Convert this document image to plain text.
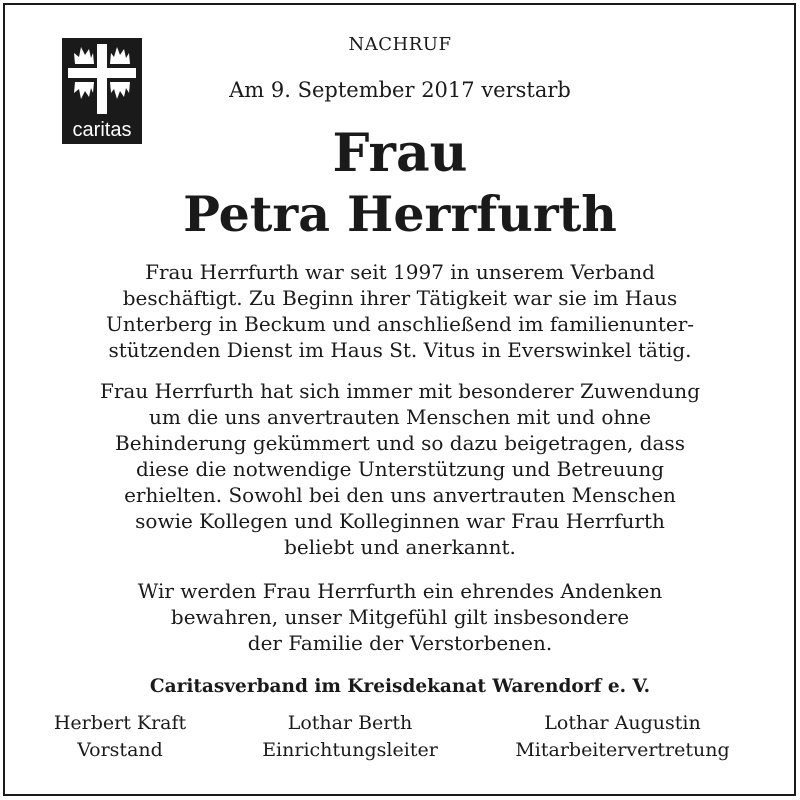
caritas
NACHRUF
Am 9. September 2017 verstarb
Frau
Petra Herrfurth
Frau Herrfurth war seit 1997 in unserem Verband
beschäftigt. Zu Beginn ihrer Tätigkeit war sie im Haus
Unterberg in Beckum und anschließend im familienunter-
stützenden Dienst im Haus St. Vitus in Everswinkel tätig.
Frau Herrfurth hat sich immer mit besonderer Zuwendung
um die uns anvertrauten Menschen mit und ohne
Behinderung gekümmert und so dazu beigetragen, dass
diese die notwendige Unterstützung und Betreuung
erhielten. Sowohl bei den uns anvertrauten Menschen
sowie Kollegen und Kolleginnen war Frau Herrfurth
beliebt und anerkannt.
Wir werden Frau Herrfurth ein ehrendes Andenken
bewahren, unser Mitgefühl gilt insbesondere
der Familie der Verstorbenen.
Caritasverband im Kreisdekanat Warendorf e. V.
Herbert Kraft
Vorstand
Lothar Berth
Einrichtungsleiter
Lothar Augustin
Mitarbeitervertretung
